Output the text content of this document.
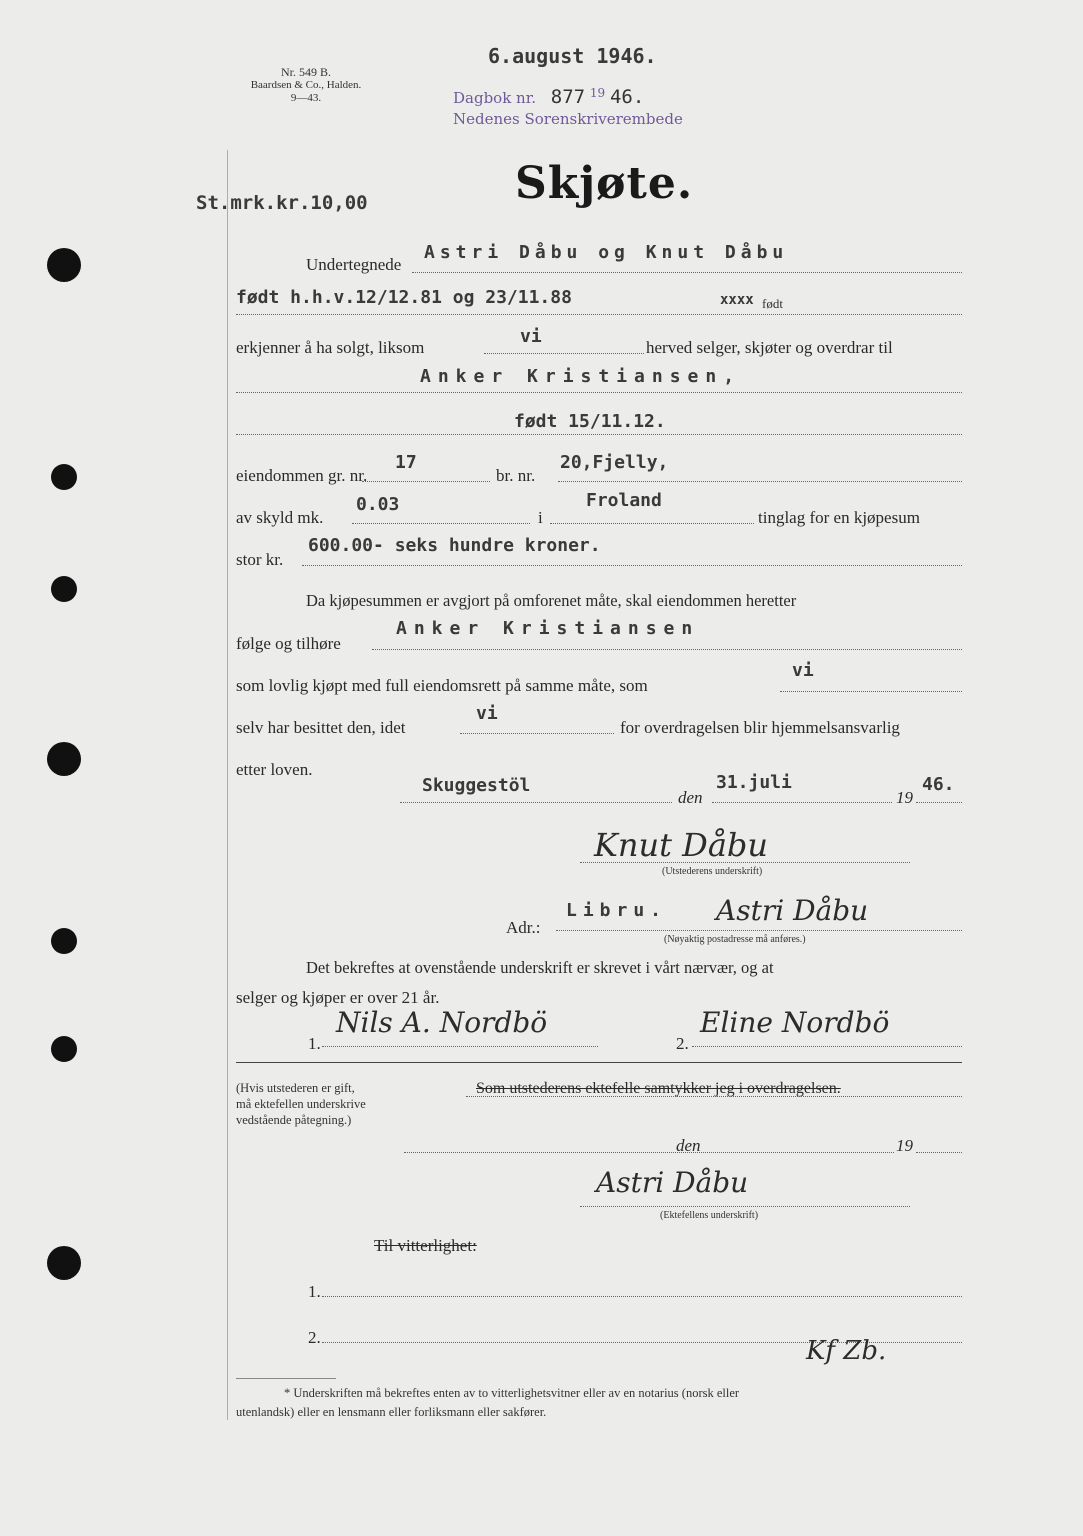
Nr. 549 B.
Baardsen & Co., Halden.
9—43.
6.august 1946.
Dagbok nr. 877 $^{19}$ 46.
Nedenes Sorenskriverembede
Skjøte.
St.mrk.kr.10,00
Undertegnede
Astri Dåbu og Knut Dåbu
født h.h.v.12/12.81 og 23/11.88	xxxx født
erkjenner å ha solgt, liksom
vi
herved selger, skjøter og overdrar til
Anker Kristiansen,
født 15/11.12.
eiendommen gr. nr.
17
br. nr.
20,Fjelly,
av skyld mk.
0.03
i
Froland
tinglag for en kjøpesum
stor kr.
600.00- seks hundre kroner.
Da kjøpesummen er avgjort på omforenet måte, skal eiendommen heretter
følge og tilhøre
Anker Kristiansen
som lovlig kjøpt med full eiendomsrett på samme måte, som
vi
selv har besittet den, idet
vi
for overdragelsen blir hjemmelsansvarlig
etter loven.
Skuggestöl
den
31.juli
19
46.
Knut Dåbu
(Utstederens underskrift)
Adr.:
Libru. Astri Dåbu
(Nøyaktig postadresse må anføres.)
Det bekreftes at ovenstående underskrift er skrevet i vårt nærvær, og at
selger og kjøper er over 21 år.
1.
Nils A. Nordbö
2.
Eline Nordbö
(Hvis utstederen er gift,
må ektefellen underskrive
vedstående påtegning.)
Som utstederens ektefelle samtykker jeg i overdragelsen.
den	19
Astri Dåbu
(Ektefellens underskrift)
Til vitterlighet:
1.
2.	Kf Zb.
* Underskriften må bekreftes enten av to vitterlighetsvitner eller av en notarius (norsk eller
utenlandsk) eller en lensmann eller forliksmann eller sakfører.
